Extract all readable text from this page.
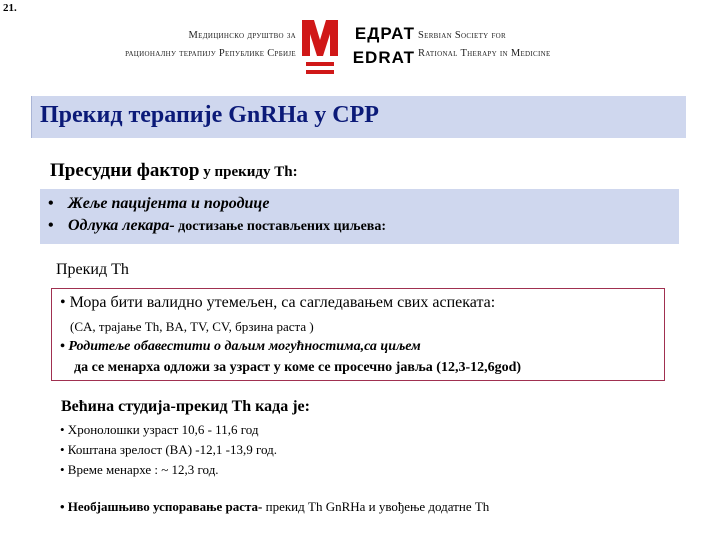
21.
Медицинско друштво за
рационалну терапију Републике Србије
ЕДРАТ
EDRAT
Serbian Society for
Rational Therapy in Medicine
Прекид терапије GnRHa у CPP
Пресудни фактор у прекиду Th:
• Жеље пацијента и породице
• Одлука лекара- достизање постављених циљева:
Прекид Th
• Мора бити валидно утемељен, са сагледавањем свих аспеката:
(CA, трајање Th, BA, TV, CV, брзина раста )
• Родитеље обавестити о даљим могућностима,са циљем
да се менарха одложи за узраст у коме се просечно јавља (12,3-12,6god)
Већина студија-прекид Th када је:
• Хронолошки узраст 10,6 - 11,6 год
• Коштана зрелост (BA) -12,1 -13,9 год.
• Време менархе : ~ 12,3 год.
• Необјашњиво успоравање раста- прекид Th GnRHa и увођење додатне Th
